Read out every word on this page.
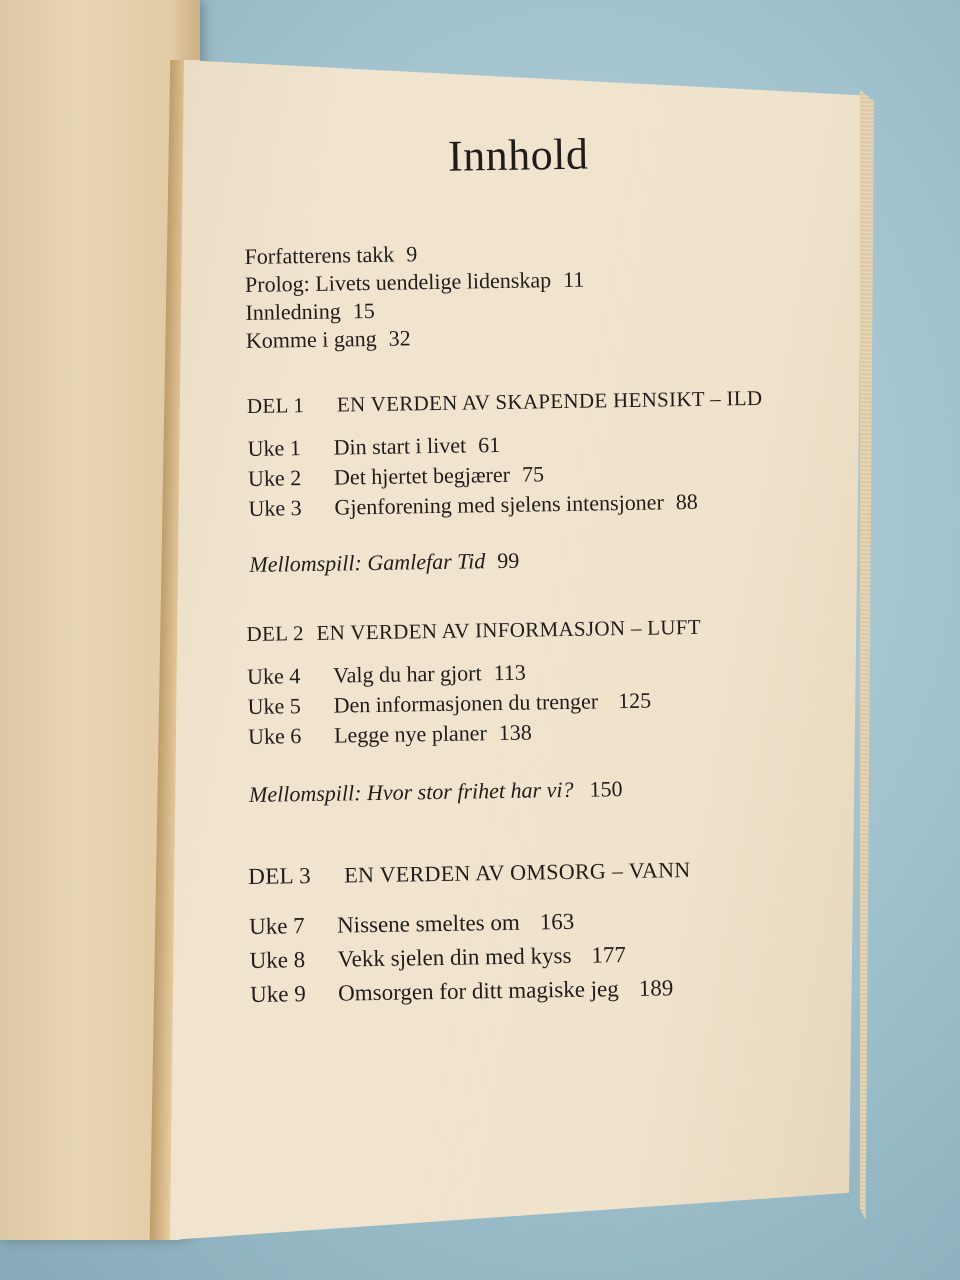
Innhold
Forfatterens takk 9
Prolog: Livets uendelige lidenskap 11
Innledning 15
Komme i gang 32
DEL 1 EN VERDEN AV SKAPENDE HENSIKT – ILD
Uke 1 Din start i livet 61
Uke 2 Det hjertet begjærer 75
Uke 3 Gjenforening med sjelens intensjoner 88
Mellomspill: Gamlefar Tid 99
DEL 2 EN VERDEN AV INFORMASJON – LUFT
Uke 4 Valg du har gjort 113
Uke 5 Den informasjonen du trenger 125
Uke 6 Legge nye planer 138
Mellomspill: Hvor stor frihet har vi? 150
DEL 3 EN VERDEN AV OMSORG – VANN
Uke 7 Nissene smeltes om 163
Uke 8 Vekk sjelen din med kyss 177
Uke 9 Omsorgen for ditt magiske jeg 189
